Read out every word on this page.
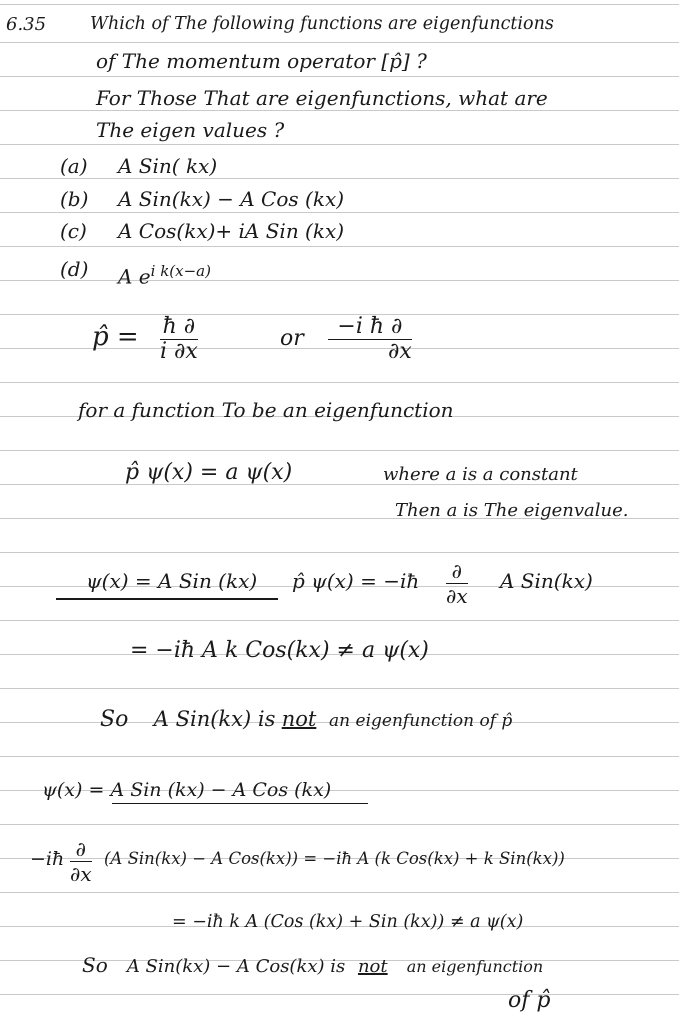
6.35	Which of The following functions are eigenfunctions
of The momentum operator [p̂] ?
For Those That are eigenfunctions, what are
The eigen values ?
(a) A Sin( kx)
(b) A Sin(kx) − A Cos (kx)
(c) A Cos(kx)+ iA Sin (kx)
(d) A $e^{i k(x-a)}$
p̂ = ħ ∂
i ∂x
or	−i ħ ∂
∂x
for a function To be an eigenfunction
p̂ ψ(x) = a ψ(x)	where a is a constant
Then a is The eigenvalue.
ψ(x) = A Sin (kx) p̂ ψ(x) = −iħ ∂
∂x
A Sin(kx)
= −iħ A k Cos(kx) ≠ a ψ(x)
So A Sin(kx) is not an eigenfunction of p̂
ψ(x) = A Sin (kx) − A Cos (kx)
−iħ ∂
∂x
(A Sin(kx) − A Cos(kx)) = −iħ A (k Cos(kx) + k Sin(kx))
= −iħ k A (Cos (kx) + Sin (kx)) ≠ a ψ(x)
So A Sin(kx) − A Cos(kx) is not an eigenfunction
of p̂
